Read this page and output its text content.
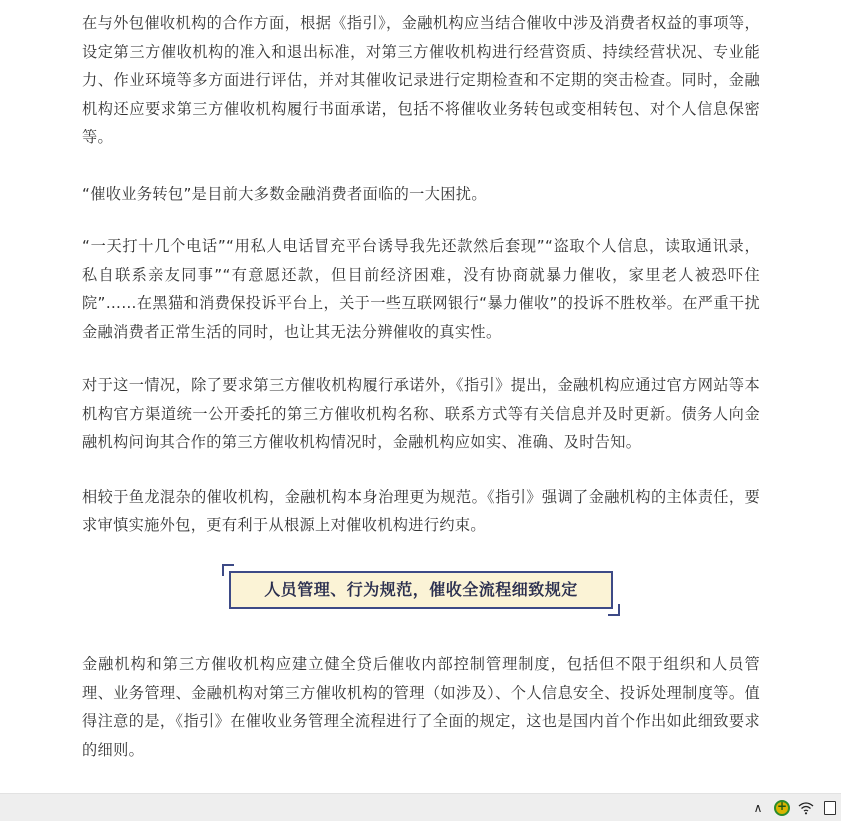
在与外包催收机构的合作方面，根据《指引》，金融机构应当结合催收中涉及消费者权益的事项等，设定第三方催收机构的准入和退出标准，对第三方催收机构进行经营资质、持续经营状况、专业能力、作业环境等多方面进行评估，并对其催收记录进行定期检查和不定期的突击检查。同时，金融机构还应要求第三方催收机构履行书面承诺，包括不将催收业务转包或变相转包、对个人信息保密等。

“催收业务转包”是目前大多数金融消费者面临的一大困扰。

“一天打十几个电话”“用私人电话冒充平台诱导我先还款然后套现”“盗取个人信息，读取通讯录，私自联系亲友同事”“有意愿还款，但目前经济困难，没有协商就暴力催收，家里老人被恐吓住院”……在黑猫和消费保投诉平台上，关于一些互联网银行“暴力催收”的投诉不胜枚举。在严重干扰金融消费者正常生活的同时，也让其无法分辨催收的真实性。

对于这一情况，除了要求第三方催收机构履行承诺外，《指引》提出，金融机构应通过官方网站等本机构官方渠道统一公开委托的第三方催收机构名称、联系方式等有关信息并及时更新。债务人向金融机构问询其合作的第三方催收机构情况时，金融机构应如实、准确、及时告知。

相较于鱼龙混杂的催收机构，金融机构本身治理更为规范。《指引》强调了金融机构的主体责任，要求审慎实施外包，更有利于从根源上对催收机构进行约束。

人员管理、行为规范，催收全流程细致规定

金融机构和第三方催收机构应建立健全贷后催收内部控制管理制度，包括但不限于组织和人员管理、业务管理、金融机构对第三方催收机构的管理（如涉及）、个人信息安全、投诉处理制度等。值得注意的是，《指引》在催收业务管理全流程进行了全面的规定，这也是国内首个作出如此细致要求的细则。

∧
+
